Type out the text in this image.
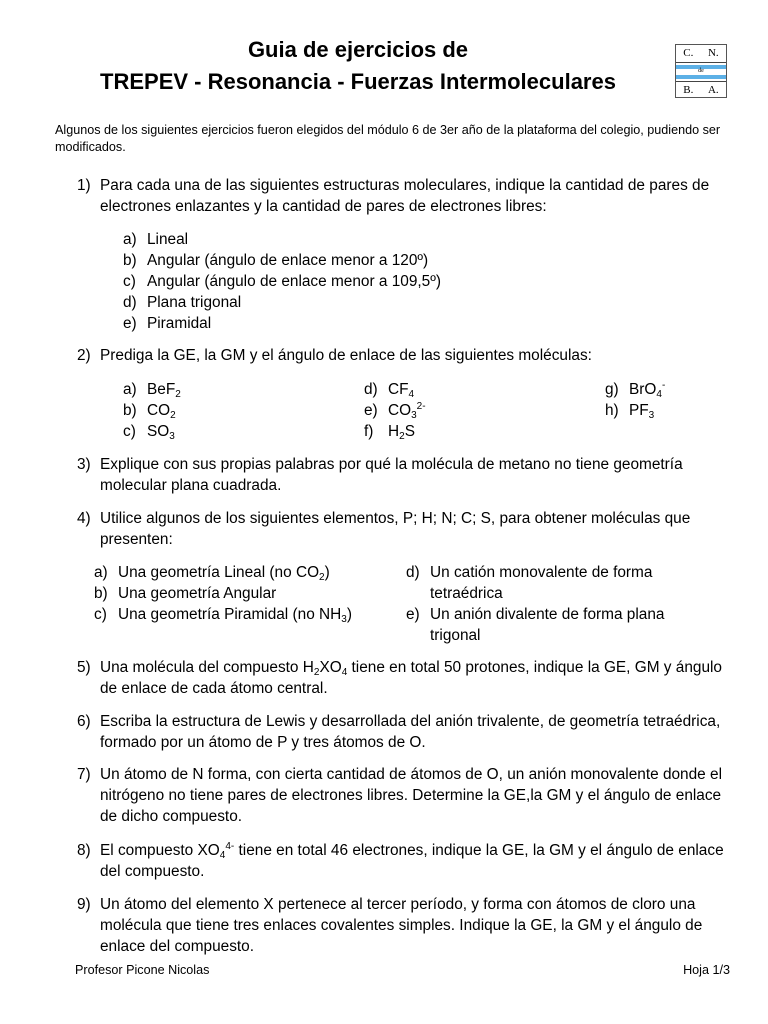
Guia de ejercicios de
TREPEV - Resonancia - Fuerzas Intermoleculares
C. N.
de
B. A.
Algunos de los siguientes ejercicios fueron elegidos del módulo 6 de 3er año de la plataforma del colegio, pudiendo ser modificados.
1) Para cada una de las siguientes estructuras moleculares, indique la cantidad de pares de electrones enlazantes y la cantidad de pares de electrones libres:
a) Lineal
b) Angular (ángulo de enlace menor a 120º)
c) Angular (ángulo de enlace menor a 109,5º)
d) Plana trigonal
e) Piramidal
2) Prediga la GE, la GM y el ángulo de enlace de las siguientes moléculas:
a) BeF$_2$
b) $CO_2$
c) $SO_3$
d) $CF_4$
e) $CO_3^{2-}$
f) $H_2S$
g) BrO$_4$-
h) $PF_3$
3) Explique con sus propias palabras por qué la molécula de metano no tiene geometría molecular plana cuadrada.
4) Utilice algunos de los siguientes elementos, P; H; N; C; S, para obtener moléculas que presenten:
a) Una geometría Lineal (no $CO_2$)
b) Una geometría Angular
c) Una geometría Piramidal (no $NH_3$)
d) Un catión monovalente de forma tetraédrica
e) Un anión divalente de forma plana trigonal
5) Una molécula del compuesto $H_2XO_4$ tiene en total 50 protones, indique la GE, GM y ángulo de enlace de cada átomo central.
6) Escriba la estructura de Lewis y desarrollada del anión trivalente, de geometría tetraédrica, formado por un átomo de P y tres átomos de O.
7) Un átomo de N forma, con cierta cantidad de átomos de O, un anión monovalente donde el nitrógeno no tiene pares de electrones libres. Determine la GE,la GM y el ángulo de enlace de dicho compuesto.
8) El compuesto $XO_4^{4-}$ tiene en total 46 electrones, indique la GE, la GM y el ángulo de enlace del compuesto.
9) Un átomo del elemento X pertenece al tercer período, y forma con átomos de cloro una molécula que tiene tres enlaces covalentes simples. Indique la GE, la GM y el ángulo de enlace del compuesto.
Profesor Picone Nicolas	Hoja 1/3
